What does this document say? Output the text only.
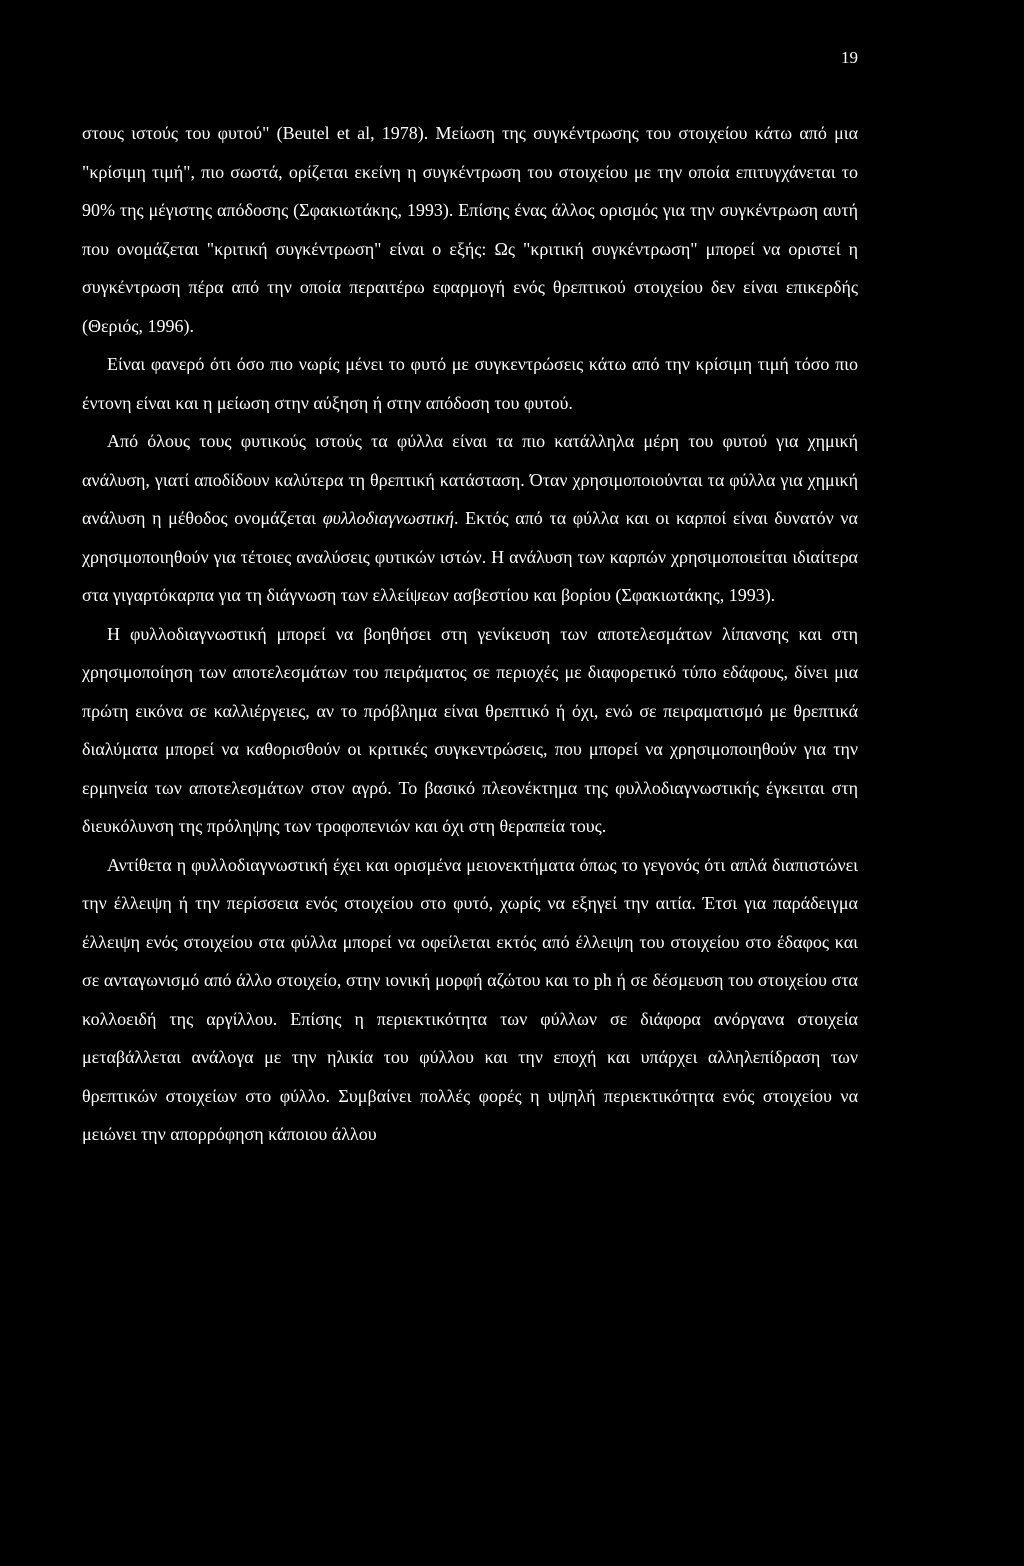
19

στους ιστούς του φυτού" (Beutel et al, 1978). Μείωση της συγκέντρωσης του στοιχείου κάτω από μια "κρίσιμη τιμή", πιο σωστά, ορίζεται εκείνη η συγκέντρωση του στοιχείου με την οποία επιτυγχάνεται το 90% της μέγιστης απόδοσης (Σφακιωτάκης, 1993). Επίσης ένας άλλος ορισμός για την συγκέντρωση αυτή που ονομάζεται "κριτική συγκέντρωση" είναι ο εξής: Ως "κριτική συγκέντρωση" μπορεί να οριστεί η συγκέντρωση πέρα από την οποία περαιτέρω εφαρμογή ενός θρεπτικού στοιχείου δεν είναι επικερδής (Θεριός, 1996).

Είναι φανερό ότι όσο πιο νωρίς μένει το φυτό με συγκεντρώσεις κάτω από την κρίσιμη τιμή τόσο πιο έντονη είναι και η μείωση στην αύξηση ή στην απόδοση του φυτού.

Από όλους τους φυτικούς ιστούς τα φύλλα είναι τα πιο κατάλληλα μέρη του φυτού για χημική ανάλυση, γιατί αποδίδουν καλύτερα τη θρεπτική κατάσταση. Όταν χρησιμοποιούνται τα φύλλα για χημική ανάλυση η μέθοδος ονομάζεται φυλλοδιαγνωστική. Εκτός από τα φύλλα και οι καρποί είναι δυνατόν να χρησιμοποιηθούν για τέτοιες αναλύσεις φυτικών ιστών. Η ανάλυση των καρπών χρησιμοποιείται ιδιαίτερα στα γιγαρτόκαρπα για τη διάγνωση των ελλείψεων ασβεστίου και βορίου (Σφακιωτάκης, 1993).

Η φυλλοδιαγνωστική μπορεί να βοηθήσει στη γενίκευση των αποτελεσμάτων λίπανσης και στη χρησιμοποίηση των αποτελεσμάτων του πειράματος σε περιοχές με διαφορετικό τύπο εδάφους, δίνει μια πρώτη εικόνα σε καλλιέργειες, αν το πρόβλημα είναι θρεπτικό ή όχι, ενώ σε πειραματισμό με θρεπτικά διαλύματα μπορεί να καθορισθούν οι κριτικές συγκεντρώσεις, που μπορεί να χρησιμοποιηθούν για την ερμηνεία των αποτελεσμάτων στον αγρό. Το βασικό πλεονέκτημα της φυλλοδιαγνωστικής έγκειται στη διευκόλυνση της πρόληψης των τροφοπενιών και όχι στη θεραπεία τους.

Αντίθετα η φυλλοδιαγνωστική έχει και ορισμένα μειονεκτήματα όπως το γεγονός ότι απλά διαπιστώνει την έλλειψη ή την περίσσεια ενός στοιχείου στο φυτό, χωρίς να εξηγεί την αιτία. Έτσι για παράδειγμα έλλειψη ενός στοιχείου στα φύλλα μπορεί να οφείλεται εκτός από έλλειψη του στοιχείου στο έδαφος και σε ανταγωνισμό από άλλο στοιχείο, στην ιονική μορφή αζώτου και το ph ή σε δέσμευση του στοιχείου στα κολλοειδή της αργίλλου. Επίσης η περιεκτικότητα των φύλλων σε διάφορα ανόργανα στοιχεία μεταβάλλεται ανάλογα με την ηλικία του φύλλου και την εποχή και υπάρχει αλληλεπίδραση των θρεπτικών στοιχείων στο φύλλο. Συμβαίνει πολλές φορές η υψηλή περιεκτικότητα ενός στοιχείου να μειώνει την απορρόφηση κάποιου άλλου
